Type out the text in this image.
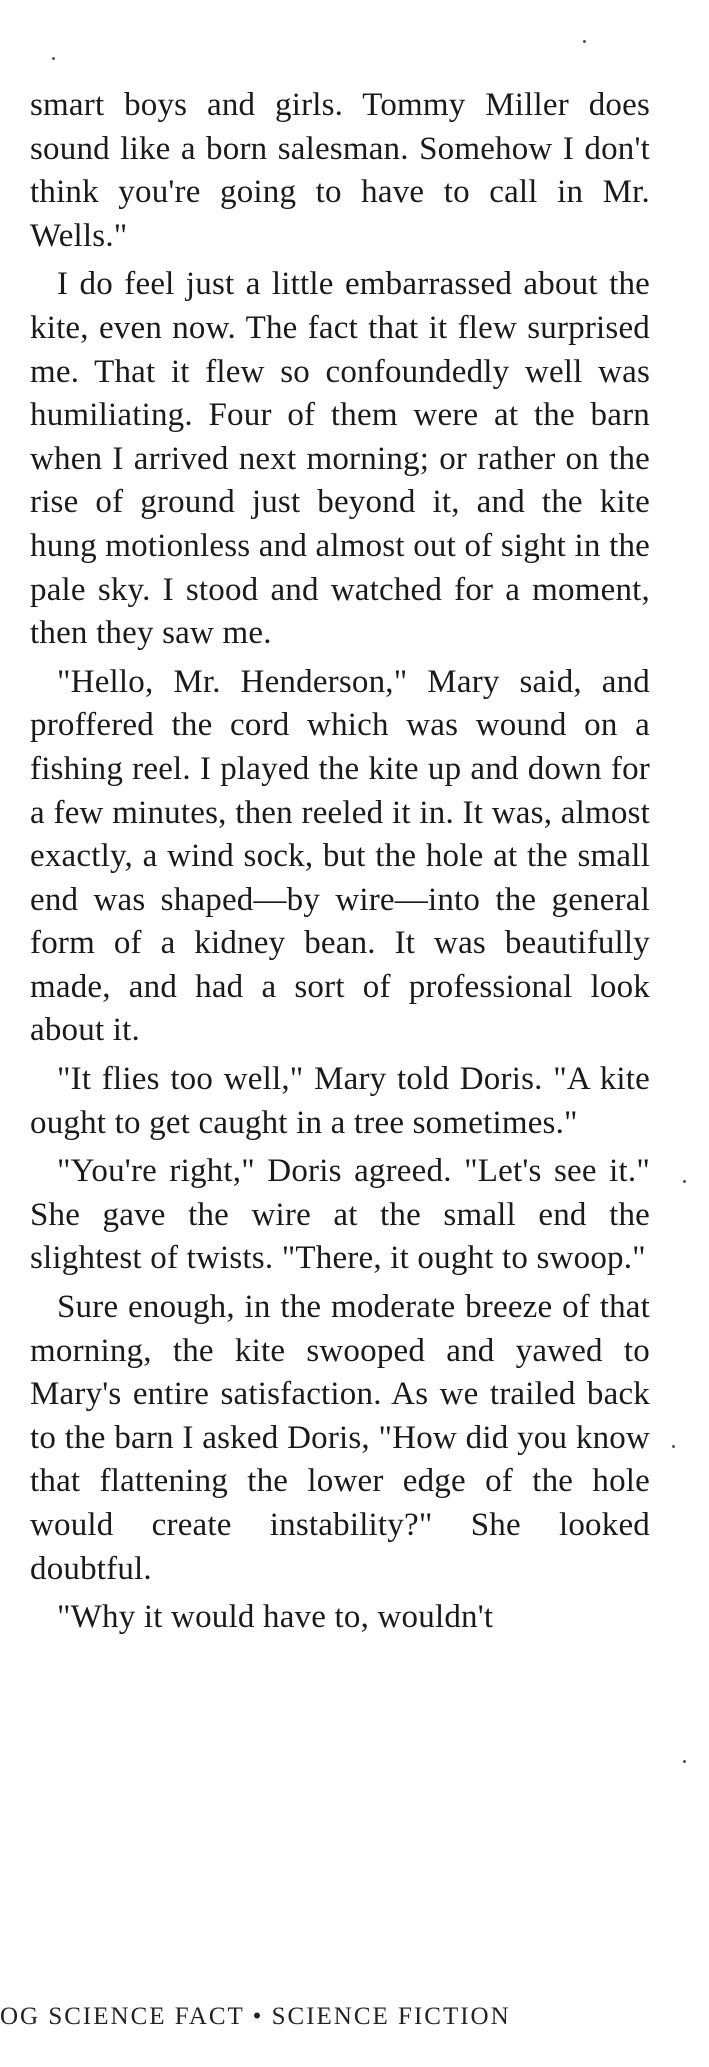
smart boys and girls. Tommy Miller does sound like a born salesman. Somehow I don't think you're going to have to call in Mr. Wells."

I do feel just a little embarrassed about the kite, even now. The fact that it flew surprised me. That it flew so confoundedly well was humiliating. Four of them were at the barn when I arrived next morning; or rather on the rise of ground just beyond it, and the kite hung motionless and almost out of sight in the pale sky. I stood and watched for a moment, then they saw me.

"Hello, Mr. Henderson," Mary said, and proffered the cord which was wound on a fishing reel. I played the kite up and down for a few minutes, then reeled it in. It was, almost exactly, a wind sock, but the hole at the small end was shaped—by wire—into the general form of a kidney bean. It was beautifully made, and had a sort of professional look about it.

"It flies too well," Mary told Doris. "A kite ought to get caught in a tree sometimes."

"You're right," Doris agreed. "Let's see it." She gave the wire at the small end the slightest of twists. "There, it ought to swoop."

Sure enough, in the moderate breeze of that morning, the kite swooped and yawed to Mary's entire satisfaction. As we trailed back to the barn I asked Doris, "How did you know that flattening the lower edge of the hole would create instability?" She looked doubtful.

"Why it would have to, wouldn't

OG SCIENCE FACT • SCIENCE FICTION
